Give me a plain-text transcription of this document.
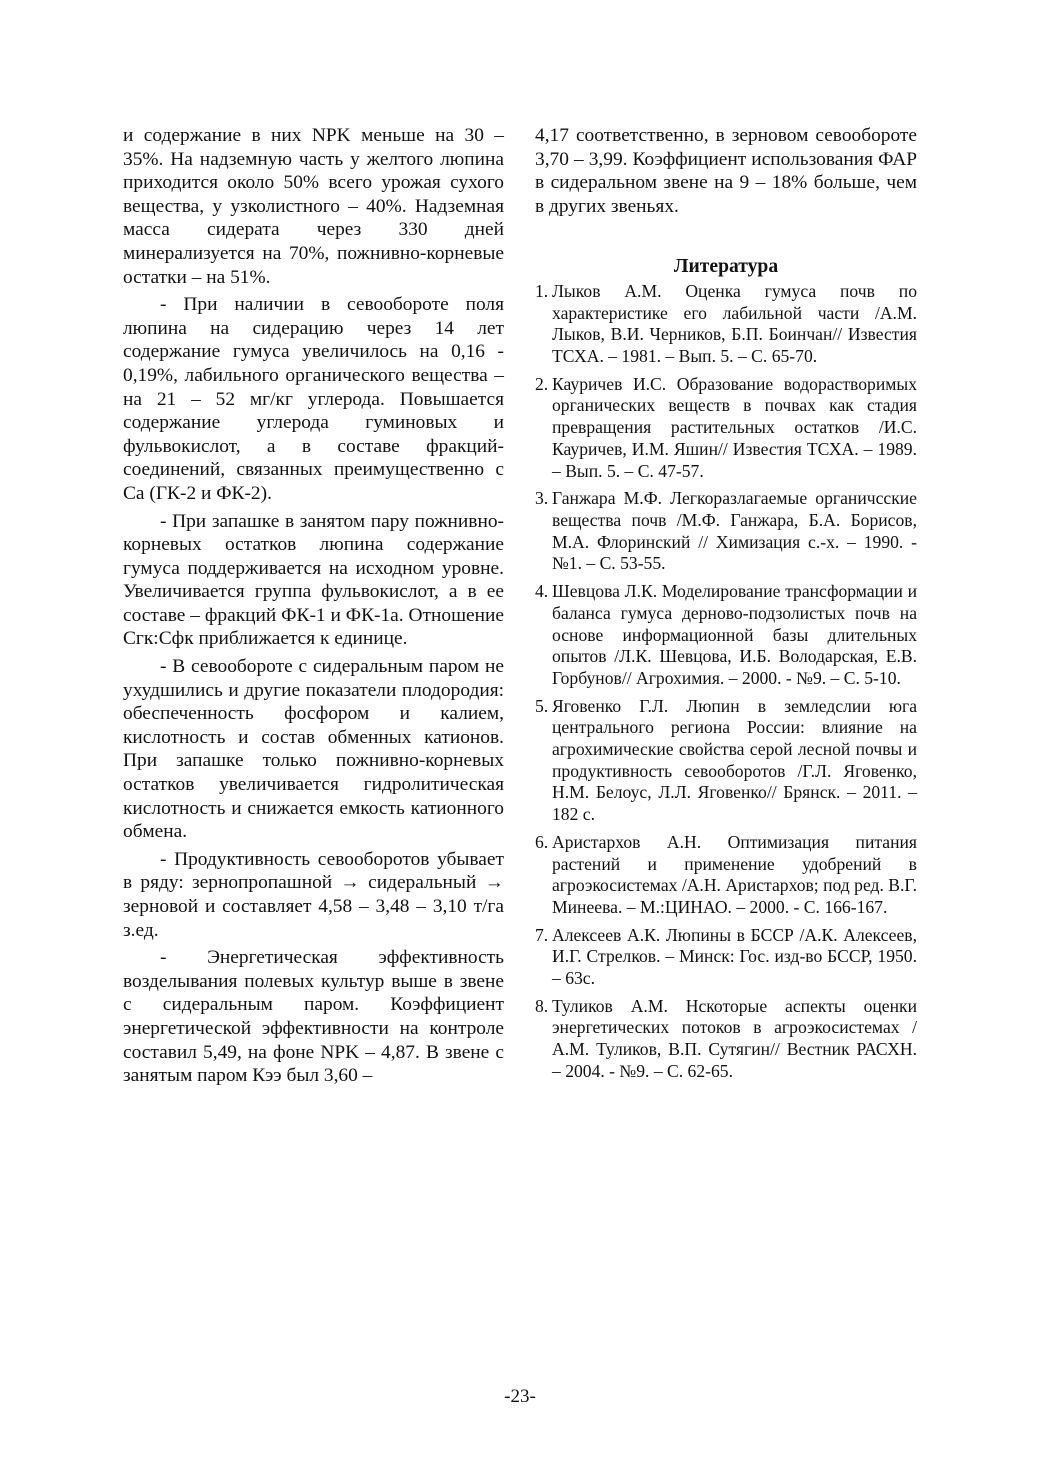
и содержание в них NPK меньше на 30 – 35%. На надземную часть у желтого люпина приходится около 50% всего урожая сухого вещества, у узколистного – 40%. Надземная масса сидерата через 330 дней минерализуется на 70%, пожнивно-корневые остатки – на 51%.

- При наличии в севообороте поля люпина на сидерацию через 14 лет содержание гумуса увеличилось на 0,16 - 0,19%, лабильного органического вещества – на 21 – 52 мг/кг углерода. Повышается содержание углерода гуминовых и фульвокислот, а в составе фракций-соединений, связанных преимущественно с Са (ГК-2 и ФК-2).

- При запашке в занятом пару пожнивно-корневых остатков люпина содержание гумуса поддерживается на исходном уровне. Увеличивается группа фульвокислот, а в ее составе – фракций ФК-1 и ФК-1а. Отношение Сгк:Сфк приближается к единице.

- В севообороте с сидеральным паром не ухудшились и другие показатели плодородия: обеспеченность фосфором и калием, кислотность и состав обменных катионов. При запашке только пожнивно-корневых остатков увеличивается гидролитическая кислотность и снижается емкость катионного обмена.

- Продуктивность севооборотов убывает в ряду: зернопропашной → сидеральный → зерновой и составляет 4,58 – 3,48 – 3,10 т/га з.ед.

- Энергетическая эффективность возделывания полевых культур выше в звене с сидеральным паром. Коэффициент энергетической эффективности на контроле составил 5,49, на фоне NPK – 4,87. В звене с занятым паром Кээ был 3,60 –

4,17 соответственно, в зерновом севообороте 3,70 – 3,99. Коэффициент использования ФАР в сидеральном звене на 9 – 18% больше, чем в других звеньях.

Литература
1. Лыков А.М. Оценка гумуса почв по характеристике его лабильной части /А.М. Лыков, В.И. Черников, Б.П. Боинчан// Известия ТСХА. – 1981. – Вып. 5. – С. 65-70.
2. Кауричев И.С. Образование водорастворимых органических веществ в почвах как стадия превращения растительных остатков /И.С. Кауричев, И.М. Яшин// Известия ТСХА. – 1989. – Вып. 5. – С. 47-57.
3. Ганжара М.Ф. Легкоразлагаемые органичсские вещества почв /М.Ф. Ганжара, Б.А. Борисов, М.А. Флоринский // Химизация с.-х. – 1990. - №1. – С. 53-55.
4. Шевцова Л.К. Моделирование трансформации и баланса гумуса дерново-подзолистых почв на основе информационной базы длительных опытов /Л.К. Шевцова, И.Б. Володарская, Е.В. Горбунов// Агрохимия. – 2000. - №9. – С. 5-10.
5. Яговенко Г.Л. Люпин в земледслии юга центрального региона России: влияние на агрохимические свойства серой лесной почвы и продуктивность севооборотов /Г.Л. Яговенко, Н.М. Белоус, Л.Л. Яговенко// Брянск. – 2011. – 182 с.
6. Аристархов А.Н. Оптимизация питания растений и применение удобрений в агроэкосистемах /А.Н. Аристархов; под ред. В.Г. Минеева. – М.:ЦИНАО. – 2000. - С. 166-167.
7. Алексеев А.К. Люпины в БССР /А.К. Алексеев, И.Г. Стрелков. – Минск: Гос. изд-во БССР, 1950. – 63с.
8. Туликов А.М. Нскоторые аспекты оценки энергетических потоков в агроэкосистемах /А.М. Туликов, В.П. Сутягин// Вестник РАСХН. – 2004. - №9. – С. 62-65.
-23-
